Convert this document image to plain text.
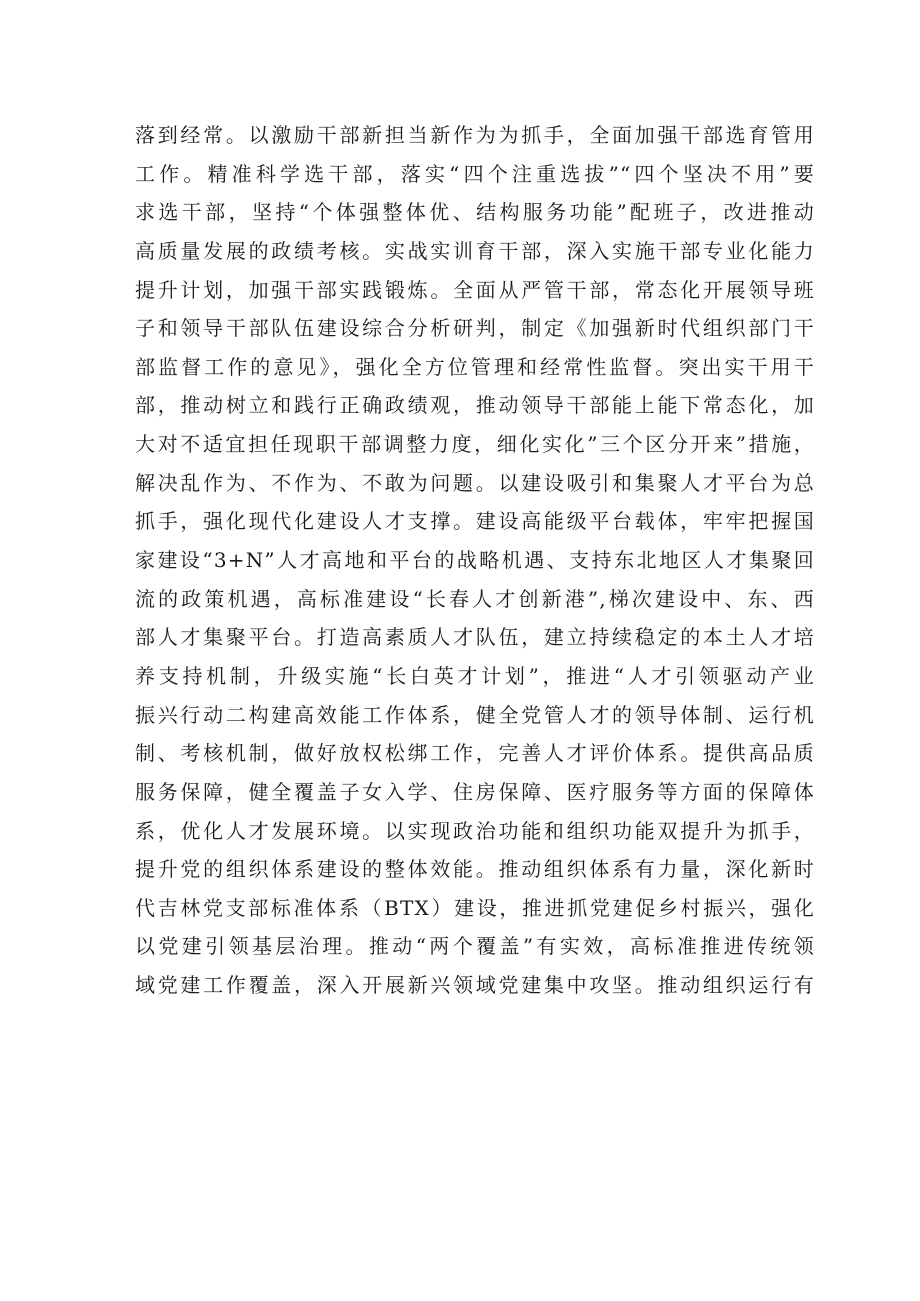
落到经常。以激励干部新担当新作为为抓手，全面加强干部选育管用
工作。精准科学选干部，落实“四个注重选拔”“四个坚决不用”要
求选干部，坚持“个体强整体优、结构服务功能”配班子，改进推动
高质量发展的政绩考核。实战实训育干部，深入实施干部专业化能力
提升计划，加强干部实践锻炼。全面从严管干部，常态化开展领导班
子和领导干部队伍建设综合分析研判，制定《加强新时代组织部门干
部监督工作的意见》，强化全方位管理和经常性监督。突出实干用干
部，推动树立和践行正确政绩观，推动领导干部能上能下常态化，加
大对不适宜担任现职干部调整力度，细化实化”三个区分开来”措施，
解决乱作为、不作为、不敢为问题。以建设吸引和集聚人才平台为总
抓手，强化现代化建设人才支撑。建设高能级平台载体，牢牢把握国
家建设“3+N”人才高地和平台的战略机遇、支持东北地区人才集聚回
流的政策机遇，高标准建设“长春人才创新港”,梯次建设中、东、西
部人才集聚平台。打造高素质人才队伍，建立持续稳定的本土人才培
养支持机制，升级实施“长白英才计划”，推进“人才引领驱动产业
振兴行动二构建高效能工作体系，健全党管人才的领导体制、运行机
制、考核机制，做好放权松绑工作，完善人才评价体系。提供高品质
服务保障，健全覆盖子女入学、住房保障、医疗服务等方面的保障体
系，优化人才发展环境。以实现政治功能和组织功能双提升为抓手，
提升党的组织体系建设的整体效能。推动组织体系有力量，深化新时
代吉林党支部标准体系（BTX）建设，推进抓党建促乡村振兴，强化
以党建引领基层治理。推动“两个覆盖”有实效，高标准推进传统领
域党建工作覆盖，深入开展新兴领域党建集中攻坚。推动组织运行有
